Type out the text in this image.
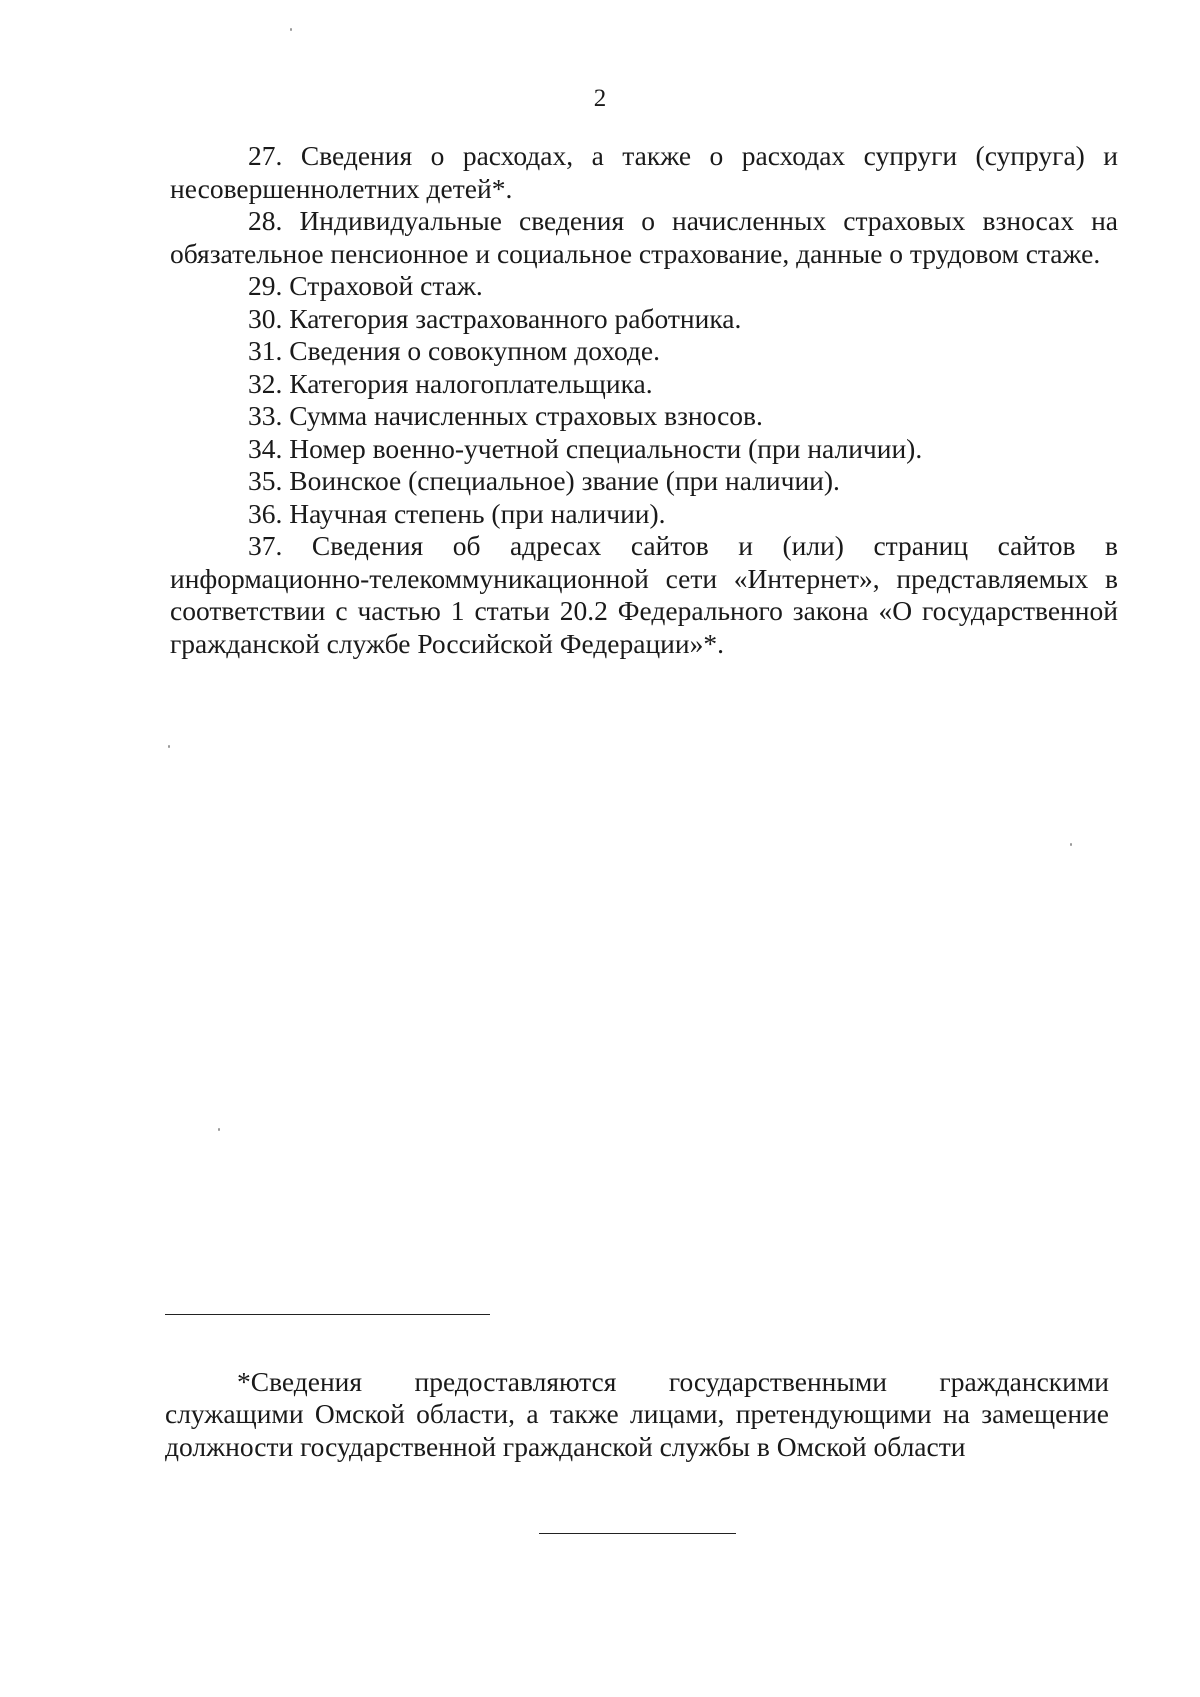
2

27. Сведения о расходах, а также о расходах супруги (супруга) и несовершеннолетних детей*.

28. Индивидуальные сведения о начисленных страховых взносах на обязательное пенсионное и социальное страхование, данные о трудовом стаже.

29. Страховой стаж.

30. Категория застрахованного работника.

31. Сведения о совокупном доходе.

32. Категория налогоплательщика.

33. Сумма начисленных страховых взносов.

34. Номер военно-учетной специальности (при наличии).

35. Воинское (специальное) звание (при наличии).

36. Научная степень (при наличии).

37. Сведения об адресах сайтов и (или) страниц сайтов в информационно-телекоммуникационной сети «Интернет», представляемых в соответствии с частью 1 статьи 20.2 Федерального закона «О государственной гражданской службе Российской Федерации»*.

*Сведения предоставляются государственными гражданскими служащими Омской области, а также лицами, претендующими на замещение должности государственной гражданской службы в Омской области
